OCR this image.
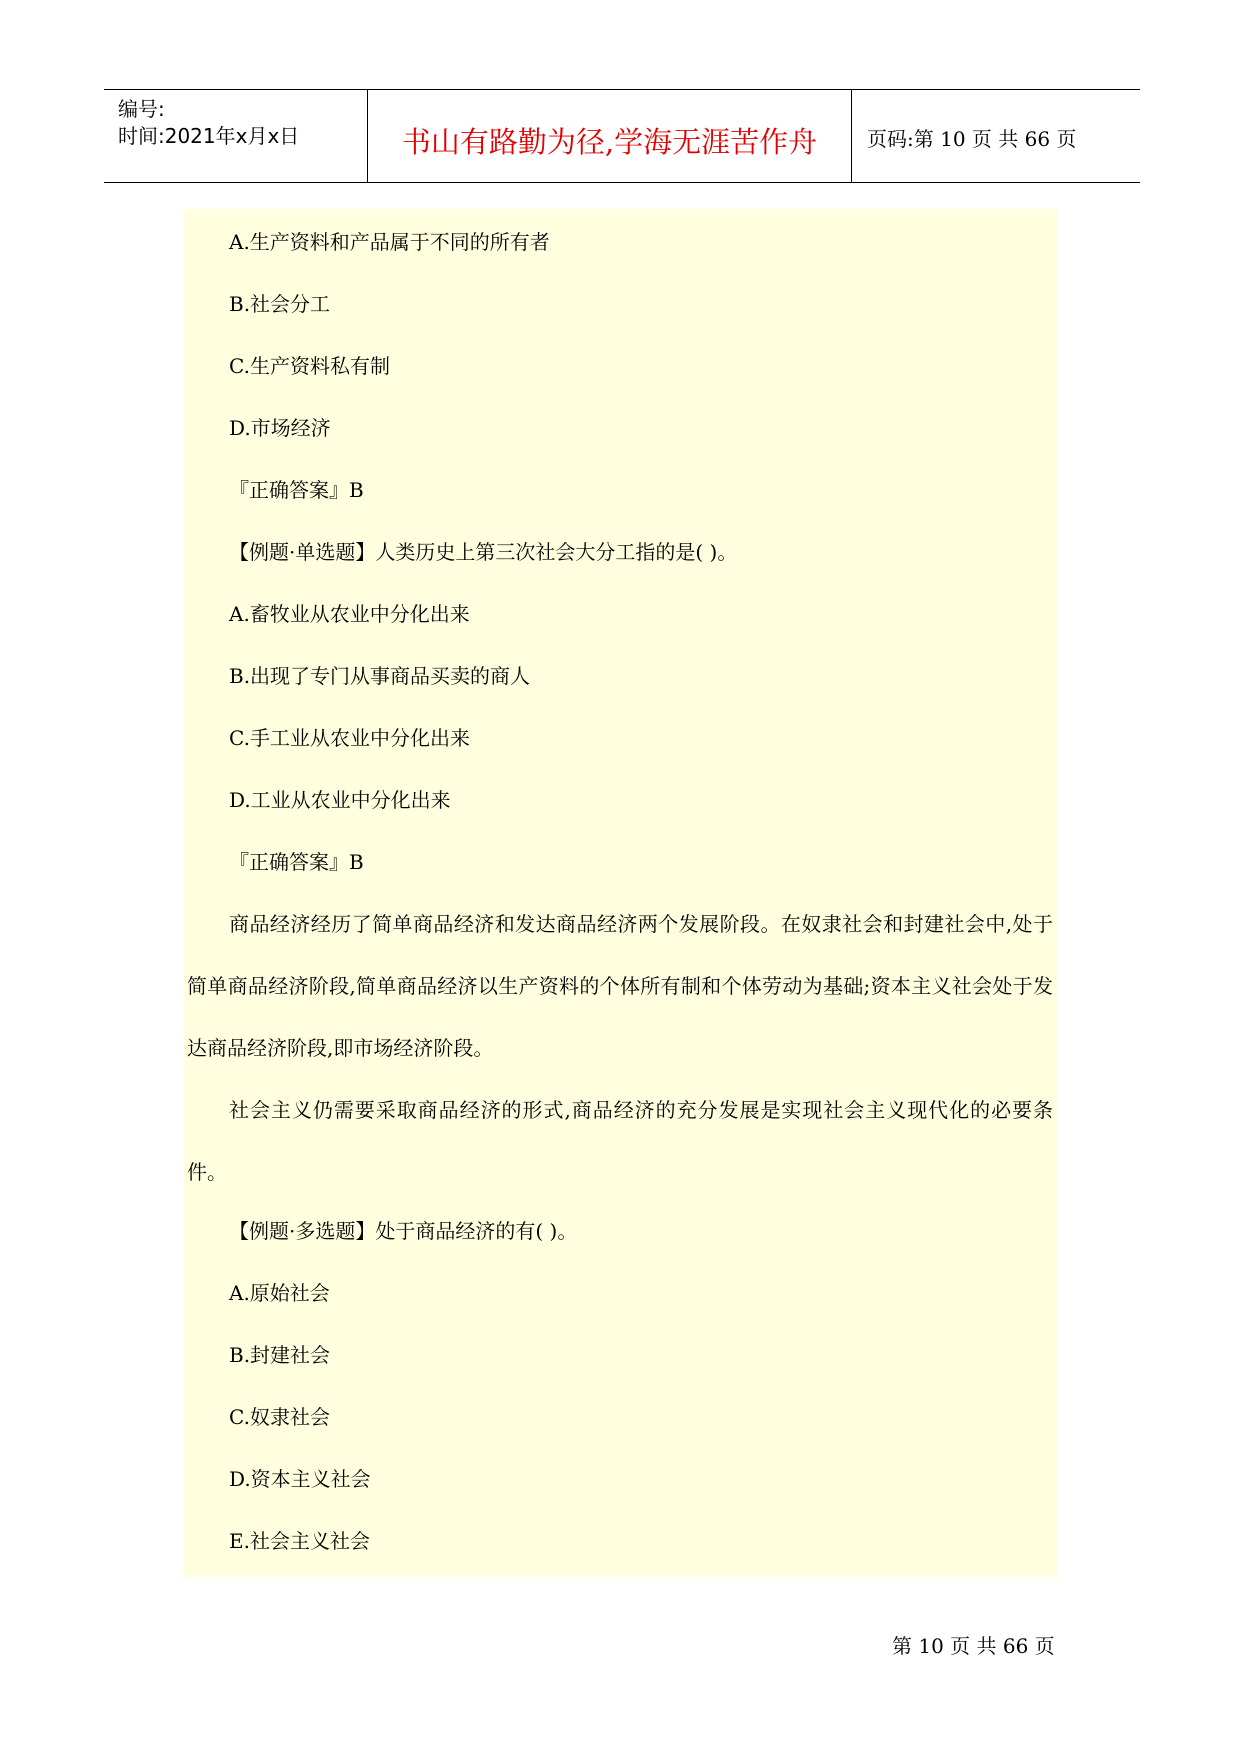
编号:
时间:2021年x月x日	书山有路勤为径,学海无涯苦作舟	页码:第 10 页 共 66 页
A.生产资料和产品属于不同的所有者
B.社会分工
C.生产资料私有制
D.市场经济
『正确答案』B
【例题·单选题】人类历史上第三次社会大分工指的是( )。
A.畜牧业从农业中分化出来
B.出现了专门从事商品买卖的商人
C.手工业从农业中分化出来
D.工业从农业中分化出来
『正确答案』B

商品经济经历了简单商品经济和发达商品经济两个发展阶段。在奴隶社会和封建社会中,处于简单商品经济阶段,简单商品经济以生产资料的个体所有制和个体劳动为基础;资本主义社会处于发达商品经济阶段,即市场经济阶段。

社会主义仍需要采取商品经济的形式,商品经济的充分发展是实现社会主义现代化的必要条件。

【例题·多选题】处于商品经济的有( )。
A.原始社会
B.封建社会
C.奴隶社会
D.资本主义社会
E.社会主义社会
第 10 页 共 66 页
